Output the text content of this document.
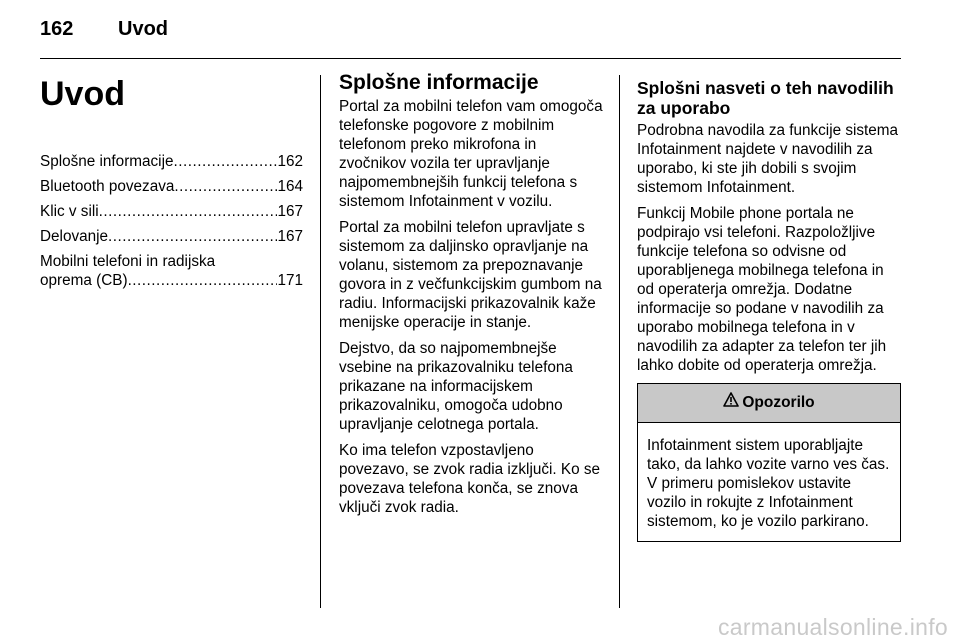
162 Uvod
Uvod
Splošne informacije .....	162
Bluetooth povezava .....	164
Klic v sili .....	167
Delovanje .....	167
Mobilni telefoni in radijska
oprema (CB) .....	171
Splošne informacije

Portal za mobilni telefon vam omogoča telefonske pogovore z mobilnim telefonom preko mikrofona in zvočnikov vozila ter upravljanje najpomembnejših funkcij telefona s sistemom Infotainment v vozilu.

Portal za mobilni telefon upravljate s sistemom za daljinsko opravljanje na volanu, sistemom za prepoznavanje govora in z večfunkcijskim gumbom na radiu. Informacijski prikazovalnik kaže menijske operacije in stanje.

Dejstvo, da so najpomembnejše vsebine na prikazovalniku telefona prikazane na informacijskem prikazovalniku, omogoča udobno upravljanje celotnega portala.

Ko ima telefon vzpostavljeno povezavo, se zvok radia izključi. Ko se povezava telefona konča, se znova vključi zvok radia.

Splošni nasveti o teh navodilih za uporabo

Podrobna navodila za funkcije sistema Infotainment najdete v navodilih za uporabo, ki ste jih dobili s svojim sistemom Infotainment.

Funkcij Mobile phone portala ne podpirajo vsi telefoni. Razpoložljive funkcije telefona so odvisne od uporabljenega mobilnega telefona in od operaterja omrežja. Dodatne informacije so podane v navodilih za uporabo mobilnega telefona in v navodilih za adapter za telefon ter jih lahko dobite od operaterja omrežja.

Opozorilo
Infotainment sistem uporabljajte tako, da lahko vozite varno ves čas. V primeru pomislekov ustavite vozilo in rokujte z Infotainment sistemom, ko je vozilo parkirano.
carmanualsonline.info
